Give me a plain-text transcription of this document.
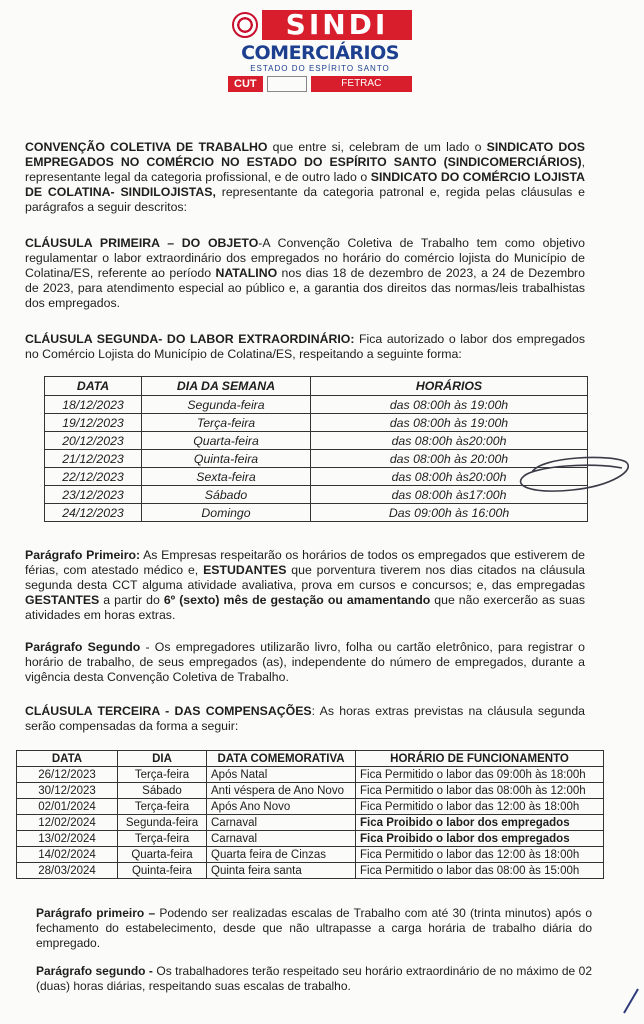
SINDI
COMERCIÁRIOS
ESTADO DO ESPÍRITO SANTO
CUT	FETRAC
CONVENÇÃO COLETIVA DE TRABALHO que entre si, celebram de um lado o SINDICATO DOS EMPREGADOS NO COMÉRCIO NO ESTADO DO ESPÍRITO SANTO (SINDICOMERCIÁRIOS), representante legal da categoria profissional, e de outro lado o SINDICATO DO COMÉRCIO LOJISTA DE COLATINA- SINDILOJISTAS, representante da categoria patronal e, regida pelas cláusulas e parágrafos a seguir descritos:
CLÁUSULA PRIMEIRA – DO OBJETO-A Convenção Coletiva de Trabalho tem como objetivo regulamentar o labor extraordinário dos empregados no horário do comércio lojista do Município de Colatina/ES, referente ao período NATALINO nos dias 18 de dezembro de 2023, a 24 de Dezembro de 2023, para atendimento especial ao público e, a garantia dos direitos das normas/leis trabalhistas dos empregados.
CLÁUSULA SEGUNDA- DO LABOR EXTRAORDINÁRIO: Fica autorizado o labor dos empregados no Comércio Lojista do Município de Colatina/ES, respeitando a seguinte forma:
DATA	DIA DA SEMANA	HORÁRIOS
18/12/2023	Segunda-feira	das 08:00h às 19:00h
19/12/2023	Terça-feira	das 08:00h às 19:00h
20/12/2023	Quarta-feira	das 08:00h às20:00h
21/12/2023	Quinta-feira	das 08:00h às 20:00h
22/12/2023	Sexta-feira	das 08:00h às20:00h
23/12/2023	Sábado	das 08:00h às17:00h
24/12/2023	Domingo	Das 09:00h às 16:00h
Parágrafo Primeiro: As Empresas respeitarão os horários de todos os empregados que estiverem de férias, com atestado médico e, ESTUDANTES que porventura tiverem nos dias citados na cláusula segunda desta CCT alguma atividade avaliativa, prova em cursos e concursos; e, das empregadas GESTANTES a partir do 6º (sexto) mês de gestação ou amamentando que não exercerão as suas atividades em horas extras.
Parágrafo Segundo - Os empregadores utilizarão livro, folha ou cartão eletrônico, para registrar o horário de trabalho, de seus empregados (as), independente do número de empregados, durante a vigência desta Convenção Coletiva de Trabalho.
CLÁUSULA TERCEIRA - DAS COMPENSAÇÕES: As horas extras previstas na cláusula segunda serão compensadas da forma a seguir:
DATA	DIA	DATA COMEMORATIVA	HORÁRIO DE FUNCIONAMENTO
26/12/2023	Terça-feira	Após Natal	Fica Permitido o labor das 09:00h às 18:00h
30/12/2023	Sábado	Anti véspera de Ano Novo	Fica Permitido o labor das 08:00h às 12:00h
02/01/2024	Terça-feira	Após Ano Novo	Fica Permitido o labor das 12:00 às 18:00h
12/02/2024	Segunda-feira	Carnaval	Fica Proibido o labor dos empregados
13/02/2024	Terça-feira	Carnaval	Fica Proibido o labor dos empregados
14/02/2024	Quarta-feira	Quarta feira de Cinzas	Fica Permitido o labor das 12:00 às 18:00h
28/03/2024	Quinta-feira	Quinta feira santa	Fica Permitido o labor das 08:00 às 15:00h
Parágrafo primeiro – Podendo ser realizadas escalas de Trabalho com até 30 (trinta minutos) após o fechamento do estabelecimento, desde que não ultrapasse a carga horária de trabalho diária do empregado.
Parágrafo segundo - Os trabalhadores terão respeitado seu horário extraordinário de no máximo de 02 (duas) horas diárias, respeitando suas escalas de trabalho.
